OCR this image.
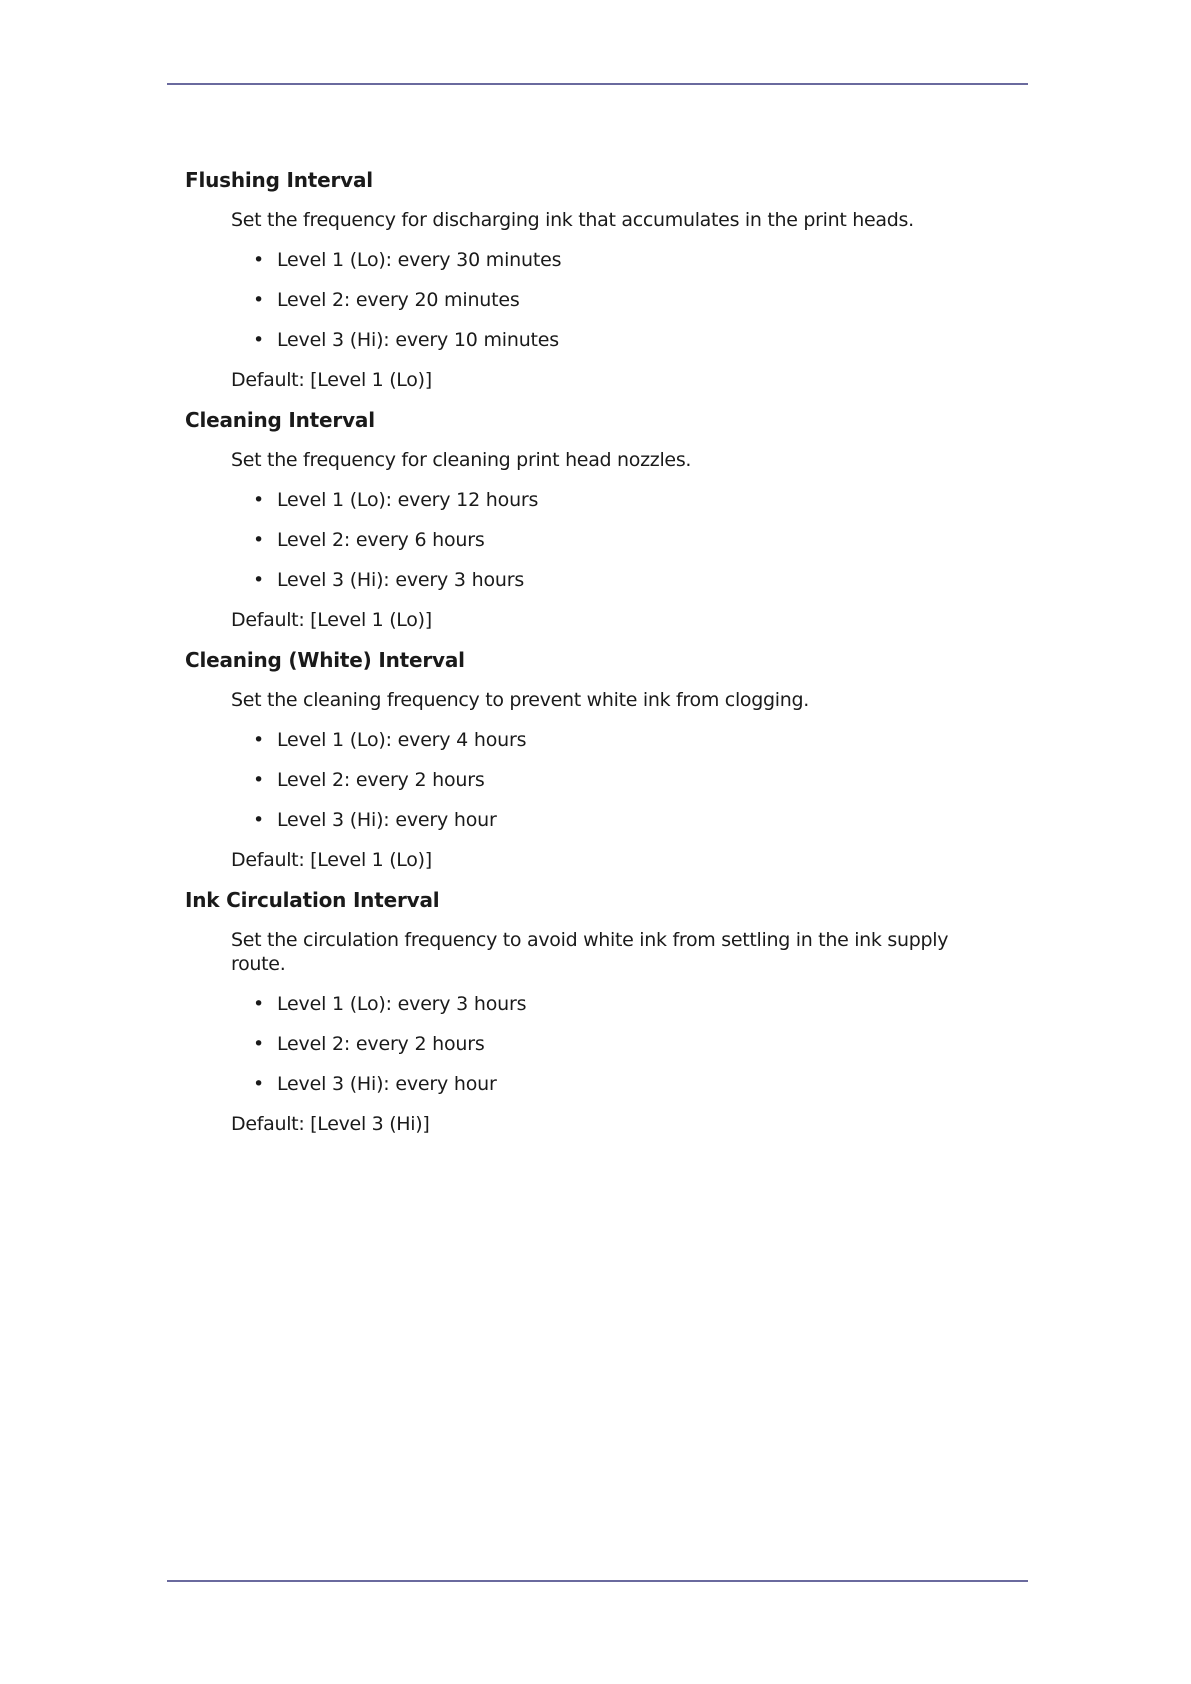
Flushing Interval
Set the frequency for discharging ink that accumulates in the print heads.
• Level 1 (Lo): every 30 minutes
• Level 2: every 20 minutes
• Level 3 (Hi): every 10 minutes
Default: [Level 1 (Lo)]
Cleaning Interval
Set the frequency for cleaning print head nozzles.
• Level 1 (Lo): every 12 hours
• Level 2: every 6 hours
• Level 3 (Hi): every 3 hours
Default: [Level 1 (Lo)]
Cleaning (White) Interval
Set the cleaning frequency to prevent white ink from clogging.
• Level 1 (Lo): every 4 hours
• Level 2: every 2 hours
• Level 3 (Hi): every hour
Default: [Level 1 (Lo)]
Ink Circulation Interval
Set the circulation frequency to avoid white ink from settling in the ink supply route.
• Level 1 (Lo): every 3 hours
• Level 2: every 2 hours
• Level 3 (Hi): every hour
Default: [Level 3 (Hi)]
